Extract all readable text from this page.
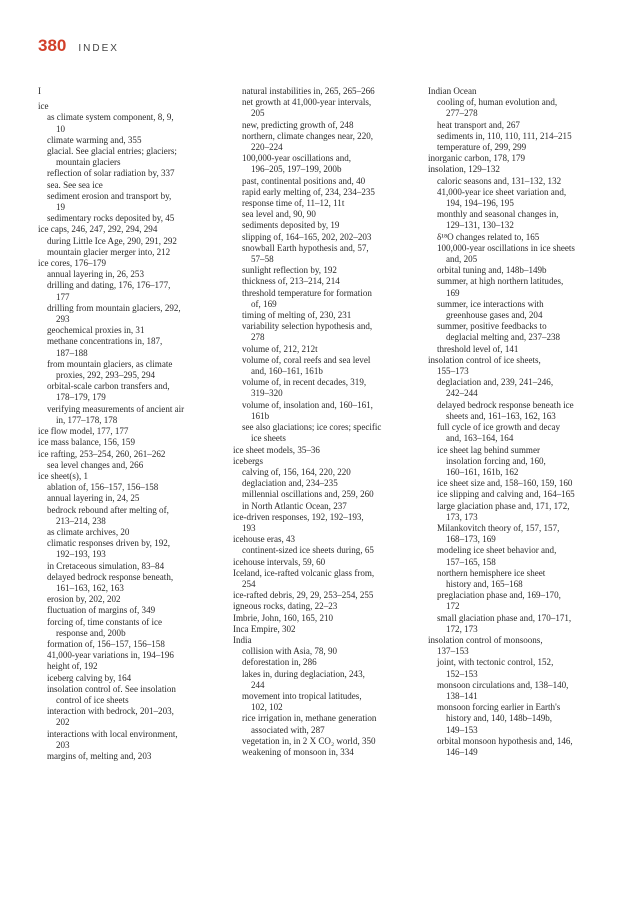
380 INDEX
I
ice
as climate system component, 8, 9,
10
climate warming and, 355
glacial. See glacial entries; glaciers;
mountain glaciers
reflection of solar radiation by, 337
sea. See sea ice
sediment erosion and transport by,
19
sedimentary rocks deposited by, 45
ice caps, 246, 247, 292, 294, 294
during Little Ice Age, 290, 291, 292
mountain glacier merger into, 212
ice cores, 176–179
annual layering in, 26, 253
drilling and dating, 176, 176–177,
177
drilling from mountain glaciers, 292,
293
geochemical proxies in, 31
methane concentrations in, 187,
187–188
from mountain glaciers, as climate
proxies, 292, 293–295, 294
orbital-scale carbon transfers and,
178–179, 179
verifying measurements of ancient air
in, 177–178, 178
ice flow model, 177, 177
ice mass balance, 156, 159
ice rafting, 253–254, 260, 261–262
sea level changes and, 266
ice sheet(s), 1
ablation of, 156–157, 156–158
annual layering in, 24, 25
bedrock rebound after melting of,
213–214, 238
as climate archives, 20
climatic responses driven by, 192,
192–193, 193
in Cretaceous simulation, 83–84
delayed bedrock response beneath,
161–163, 162, 163
erosion by, 202, 202
fluctuation of margins of, 349
forcing of, time constants of ice
response and, 200b
formation of, 156–157, 156–158
41,000-year variations in, 194–196
height of, 192
iceberg calving by, 164
insolation control of. See insolation
control of ice sheets
interaction with bedrock, 201–203,
202
interactions with local environment,
203
margins of, melting and, 203
natural instabilities in, 265, 265–266
net growth at 41,000-year intervals,
205
new, predicting growth of, 248
northern, climate changes near, 220,
220–224
100,000-year oscillations and,
196–205, 197–199, 200b
past, continental positions and, 40
rapid early melting of, 234, 234–235
response time of, 11–12, 11t
sea level and, 90, 90
sediments deposited by, 19
slipping of, 164–165, 202, 202–203
snowball Earth hypothesis and, 57,
57–58
sunlight reflection by, 192
thickness of, 213–214, 214
threshold temperature for formation
of, 169
timing of melting of, 230, 231
variability selection hypothesis and,
278
volume of, 212, 212t
volume of, coral reefs and sea level
and, 160–161, 161b
volume of, in recent decades, 319,
319–320
volume of, insolation and, 160–161,
161b
see also glaciations; ice cores; specific
ice sheets
ice sheet models, 35–36
icebergs
calving of, 156, 164, 220, 220
deglaciation and, 234–235
millennial oscillations and, 259, 260
in North Atlantic Ocean, 237
ice-driven responses, 192, 192–193,
193
icehouse eras, 43
continent-sized ice sheets during, 65
icehouse intervals, 59, 60
Iceland, ice-rafted volcanic glass from,
254
ice-rafted debris, 29, 29, 253–254, 255
igneous rocks, dating, 22–23
Imbrie, John, 160, 165, 210
Inca Empire, 302
India
collision with Asia, 78, 90
deforestation in, 286
lakes in, during deglaciation, 243,
244
movement into tropical latitudes,
102, 102
rice irrigation in, methane generation
associated with, 287
vegetation in, in 2 X CO₂ world, 350
weakening of monsoon in, 334
Indian Ocean
cooling of, human evolution and,
277–278
heat transport and, 267
sediments in, 110, 110, 111, 214–215
temperature of, 299, 299
inorganic carbon, 178, 179
insolation, 129–132
caloric seasons and, 131–132, 132
41,000-year ice sheet variation and,
194, 194–196, 195
monthly and seasonal changes in,
129–131, 130–132
δ¹⁸O changes related to, 165
100,000-year oscillations in ice sheets
and, 205
orbital tuning and, 148b–149b
summer, at high northern latitudes,
169
summer, ice interactions with
greenhouse gases and, 204
summer, positive feedbacks to
deglacial melting and, 237–238
threshold level of, 141
insolation control of ice sheets,
155–173
deglaciation and, 239, 241–246,
242–244
delayed bedrock response beneath ice
sheets and, 161–163, 162, 163
full cycle of ice growth and decay
and, 163–164, 164
ice sheet lag behind summer
insolation forcing and, 160,
160–161, 161b, 162
ice sheet size and, 158–160, 159, 160
ice slipping and calving and, 164–165
large glaciation phase and, 171, 172,
173, 173
Milankovitch theory of, 157, 157,
168–173, 169
modeling ice sheet behavior and,
157–165, 158
northern hemisphere ice sheet
history and, 165–168
preglaciation phase and, 169–170,
172
small glaciation phase and, 170–171,
172, 173
insolation control of monsoons,
137–153
joint, with tectonic control, 152,
152–153
monsoon circulations and, 138–140,
138–141
monsoon forcing earlier in Earth's
history and, 140, 148b–149b,
149–153
orbital monsoon hypothesis and, 146,
146–149
